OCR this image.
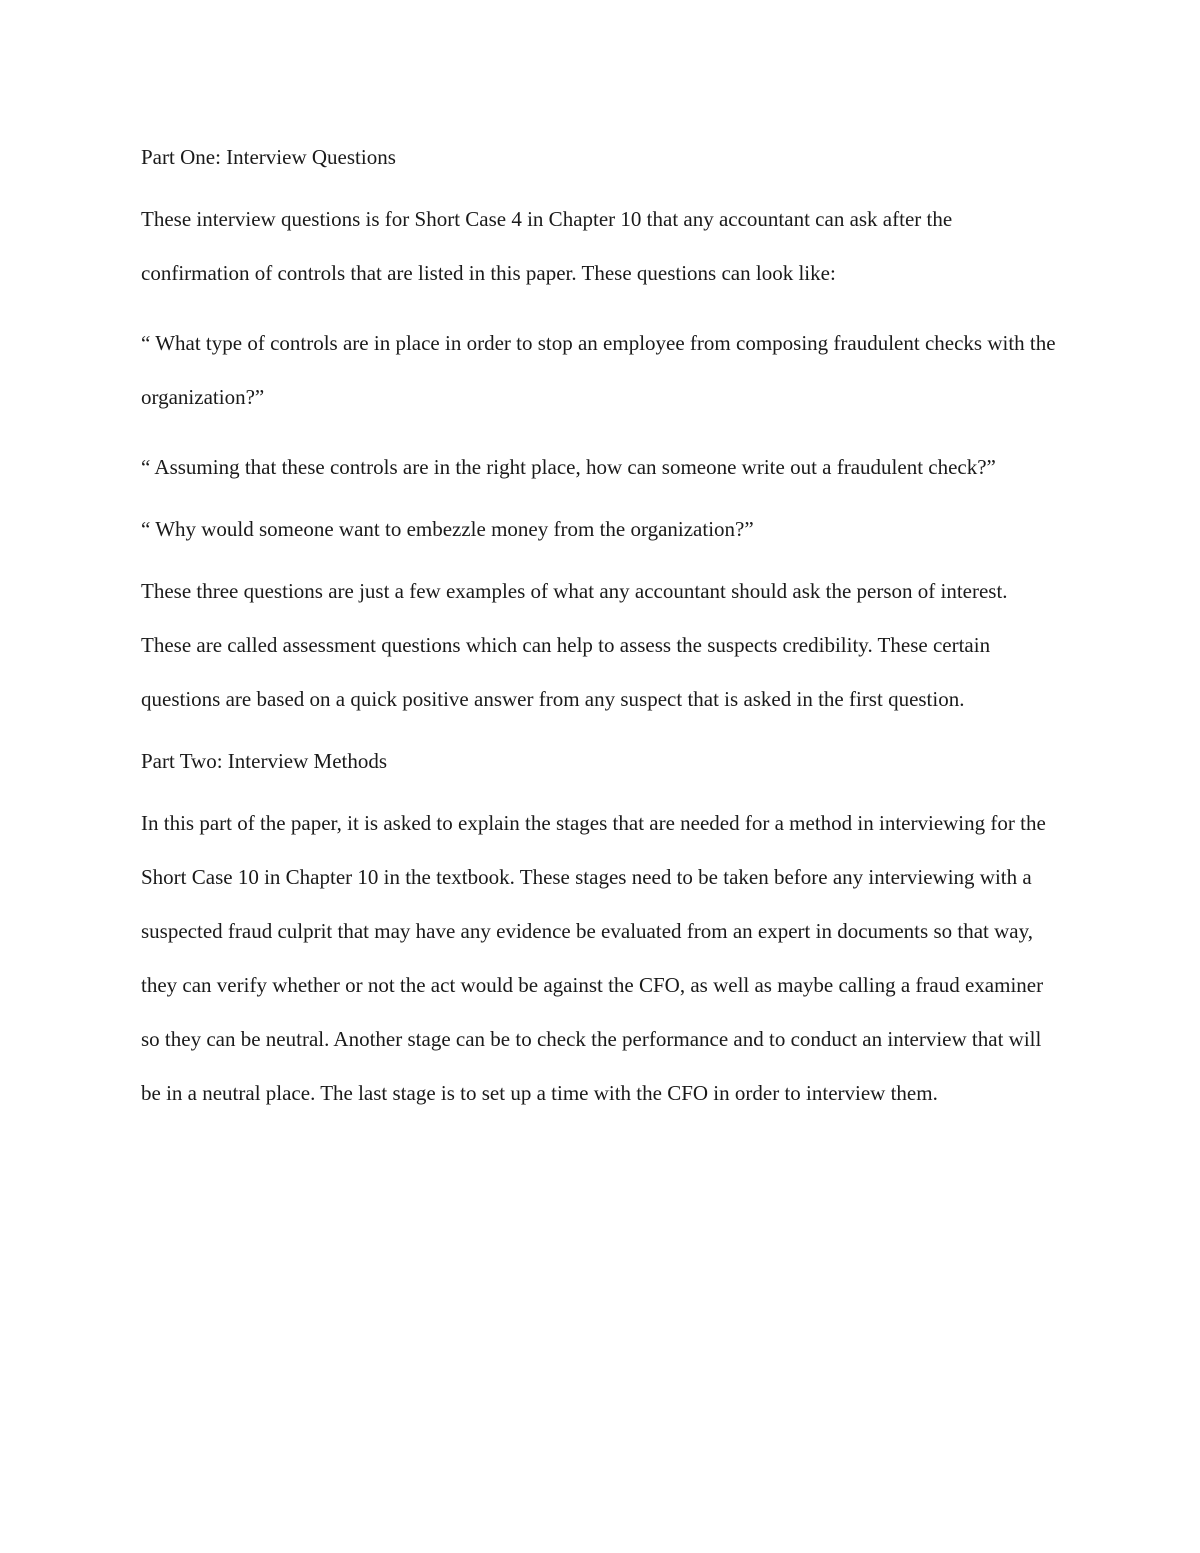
Part One: Interview Questions

These interview questions is for Short Case 4 in Chapter 10 that any accountant can ask after the confirmation of controls that are listed in this paper. These questions can look like:

“ What type of controls are in place in order to stop an employee from composing fraudulent checks with the organization?”

“ Assuming that these controls are in the right place, how can someone write out a fraudulent check?”

“ Why would someone want to embezzle money from the organization?”

These three questions are just a few examples of what any accountant should ask the person of interest. These are called assessment questions which can help to assess the suspects credibility. These certain questions are based on a quick positive answer from any suspect that is asked in the first question.

Part Two: Interview Methods

In this part of the paper, it is asked to explain the stages that are needed for a method in interviewing for the Short Case 10 in Chapter 10 in the textbook. These stages need to be taken before any interviewing with a suspected fraud culprit that may have any evidence be evaluated from an expert in documents so that way, they can verify whether or not the act would be against the CFO, as well as maybe calling a fraud examiner so they can be neutral. Another stage can be to check the performance and to conduct an interview that will be in a neutral place. The last stage is to set up a time with the CFO in order to interview them.
